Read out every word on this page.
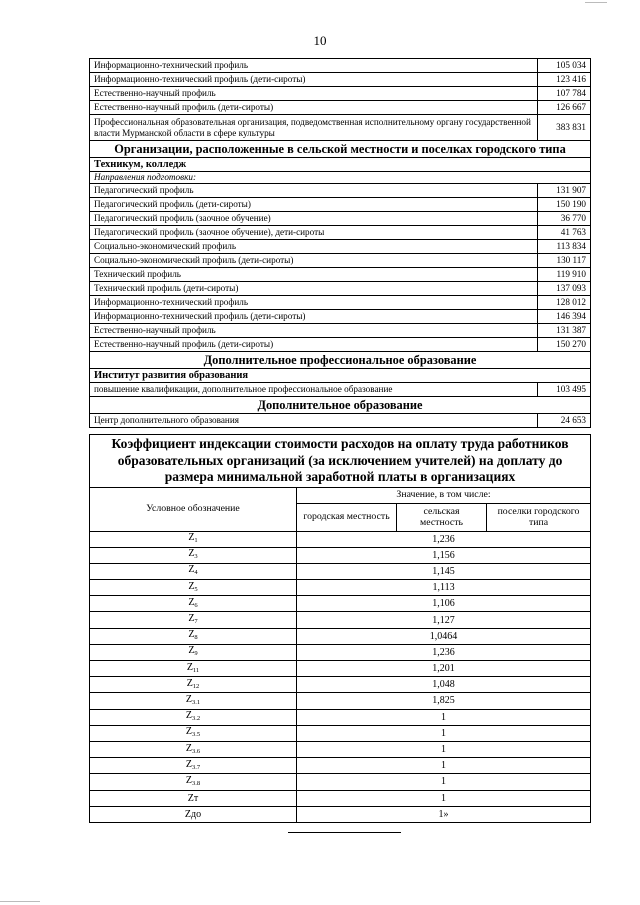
10
Информационно-технический профиль	105 034
Информационно-технический профиль (дети-сироты)	123 416
Естественно-научный профиль	107 784
Естественно-научный профиль (дети-сироты)	126 667
Профессиональная образовательная организация, подведомственная исполнительному органу государственной власти Мурманской области в сфере культуры	383 831
Организации, расположенные в сельской местности и поселках городского типа	
Техникум, колледж	
Направления подготовки:	
Педагогический профиль	131 907
Педагогический профиль (дети-сироты)	150 190
Педагогический профиль (заочное обучение)	36 770
Педагогический профиль (заочное обучение), дети-сироты	41 763
Социально-экономический профиль	113 834
Социально-экономический профиль (дети-сироты)	130 117
Технический профиль	119 910
Технический профиль (дети-сироты)	137 093
Информационно-технический профиль	128 012
Информационно-технический профиль (дети-сироты)	146 394
Естественно-научный профиль	131 387
Естественно-научный профиль (дети-сироты)	150 270
Дополнительное профессиональное образование	
Институт развития образования	
повышение квалификации, дополнительное профессиональное образование	103 495
Дополнительное образование	
Центр дополнительного образования	24 653
Коэффициент индексации стоимости расходов на оплату труда работников образовательных организаций (за исключением учителей) на доплату до размера минимальной заработной платы в организациях			
Условное обозначение	Значение, в том числе:		
	городская местность	сельская местность	поселки городского типа
$Z_1$	1,236		
$Z_3$	1,156		
$Z_4$	1,145		
$Z_5$	1,113		
$Z_6$	1,106		
$Z_7$	1,127		
$Z_8$	1,0464		
$Z_9$	1,236		
$Z_{11}$	1,201		
$Z_{12}$	1,048		
$Z_{3.1}$	1,825		
$Z_{3.2}$	1		
$Z_{3.5}$	1		
$Z_{3.6}$	1		
$Z_{3.7}$	1		
$Z_{3.8}$	1		
Zт	1		
Zдо	1»		
